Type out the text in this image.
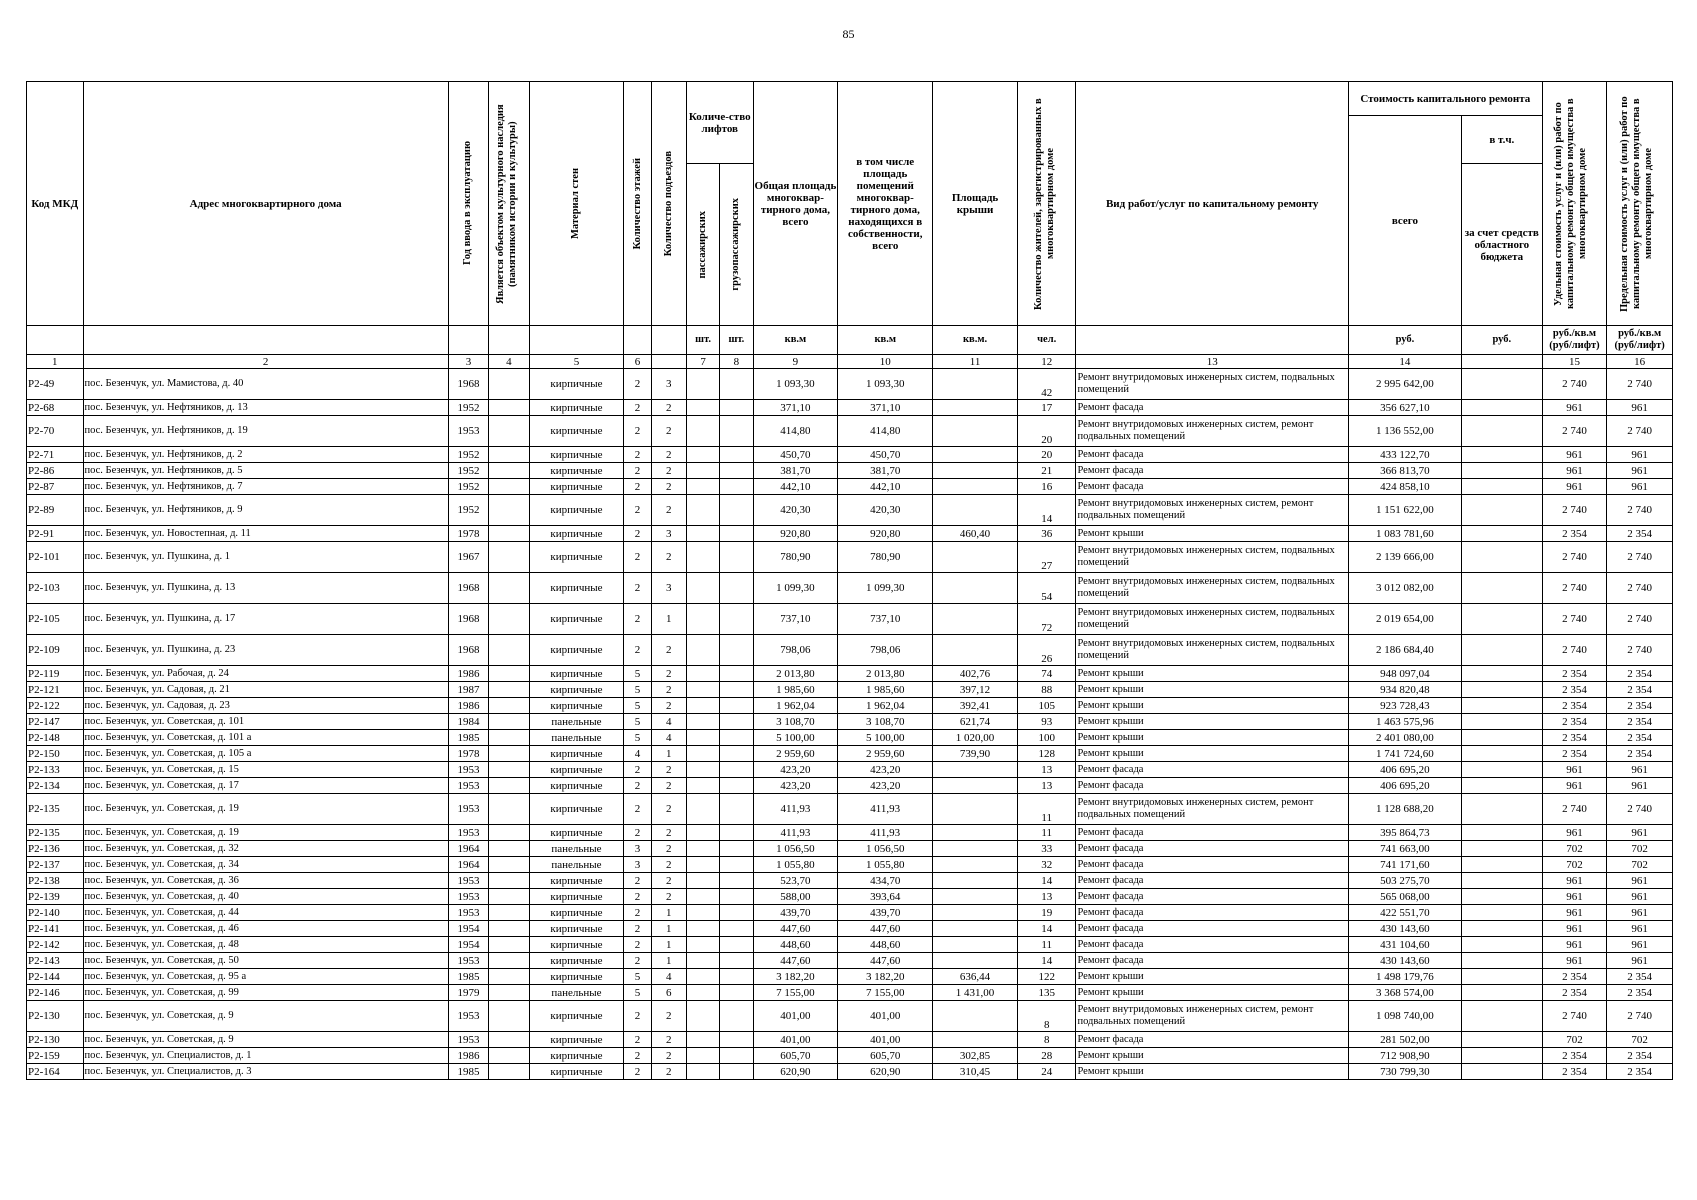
85
Код МКД	Адрес многоквартирного дома	Год ввода в эксплуатацию	Является объектом культурного наследия (памятником истории и культуры)	Материал стен	Количество этажей	Количество подъездов	Количе-ство лифтов		Общая площадь многоквар-тирного дома, всего	в том числе площадь помещений многоквар-тирного дома, находящихся в собственности, всего	Площадь крыши	Количество жителей, зарегистрированных в многоквартирном доме	Вид работ/услуг по капитальному ремонту	Стоимость капитального ремонта		Удельная стоимость услуг и (или) работ по капитальному ремонту общего имущества в многоквартирном доме	Предельная стоимость услуг и (или) работ по капитальному ремонту общего имущества в многоквартирном доме

														всего	в т.ч.		

							пассажирских	грузопассажирских							за счет средств областного бюджета		
							шт.	шт.	кв.м	кв.м	кв.м.	чел.		руб.	руб.	руб./кв.м (руб/лифт)	руб./кв.м (руб/лифт)
1	2	3	4	5	6		7	8	9	10	11	12	13	14		15	16
Р2-49	пос. Безенчук, ул. Мамистова, д. 40	1968		кирпичные	2	3			1 093,30	1 093,30		42	Ремонт внутридомовых инженерных систем, подвальных помещений	2 995 642,00		2 740	2 740
Р2-68	пос. Безенчук, ул. Нефтяников, д. 13	1952		кирпичные	2	2			371,10	371,10		17	Ремонт фасада	356 627,10		961	961
Р2-70	пос. Безенчук, ул. Нефтяников, д. 19	1953		кирпичные	2	2			414,80	414,80		20	Ремонт внутридомовых инженерных систем, ремонт подвальных помещений	1 136 552,00		2 740	2 740
Р2-71	пос. Безенчук, ул. Нефтяников, д. 2	1952		кирпичные	2	2			450,70	450,70		20	Ремонт фасада	433 122,70		961	961
Р2-86	пос. Безенчук, ул. Нефтяников, д. 5	1952		кирпичные	2	2			381,70	381,70		21	Ремонт фасада	366 813,70		961	961
Р2-87	пос. Безенчук, ул. Нефтяников, д. 7	1952		кирпичные	2	2			442,10	442,10		16	Ремонт фасада	424 858,10		961	961
Р2-89	пос. Безенчук, ул. Нефтяников, д. 9	1952		кирпичные	2	2			420,30	420,30		14	Ремонт внутридомовых инженерных систем, ремонт подвальных помещений	1 151 622,00		2 740	2 740
Р2-91	пос. Безенчук, ул. Новостепная, д. 11	1978		кирпичные	2	3			920,80	920,80	460,40	36	Ремонт крыши	1 083 781,60		2 354	2 354
Р2-101	пос. Безенчук, ул. Пушкина, д. 1	1967		кирпичные	2	2			780,90	780,90		27	Ремонт внутридомовых инженерных систем, подвальных помещений	2 139 666,00		2 740	2 740
Р2-103	пос. Безенчук, ул. Пушкина, д. 13	1968		кирпичные	2	3			1 099,30	1 099,30		54	Ремонт внутридомовых инженерных систем, подвальных помещений	3 012 082,00		2 740	2 740
Р2-105	пос. Безенчук, ул. Пушкина, д. 17	1968		кирпичные	2	1			737,10	737,10		72	Ремонт внутридомовых инженерных систем, подвальных помещений	2 019 654,00		2 740	2 740
Р2-109	пос. Безенчук, ул. Пушкина, д. 23	1968		кирпичные	2	2			798,06	798,06		26	Ремонт внутридомовых инженерных систем, подвальных помещений	2 186 684,40		2 740	2 740
Р2-119	пос. Безенчук, ул. Рабочая, д. 24	1986		кирпичные	5	2			2 013,80	2 013,80	402,76	74	Ремонт крыши	948 097,04		2 354	2 354
Р2-121	пос. Безенчук, ул. Садовая, д. 21	1987		кирпичные	5	2			1 985,60	1 985,60	397,12	88	Ремонт крыши	934 820,48		2 354	2 354
Р2-122	пос. Безенчук, ул. Садовая, д. 23	1986		кирпичные	5	2			1 962,04	1 962,04	392,41	105	Ремонт крыши	923 728,43		2 354	2 354
Р2-147	пос. Безенчук, ул. Советская, д. 101	1984		панельные	5	4			3 108,70	3 108,70	621,74	93	Ремонт крыши	1 463 575,96		2 354	2 354
Р2-148	пос. Безенчук, ул. Советская, д. 101 а	1985		панельные	5	4			5 100,00	5 100,00	1 020,00	100	Ремонт крыши	2 401 080,00		2 354	2 354
Р2-150	пос. Безенчук, ул. Советская, д. 105 а	1978		кирпичные	4	1			2 959,60	2 959,60	739,90	128	Ремонт крыши	1 741 724,60		2 354	2 354
Р2-133	пос. Безенчук, ул. Советская, д. 15	1953		кирпичные	2	2			423,20	423,20		13	Ремонт фасада	406 695,20		961	961
Р2-134	пос. Безенчук, ул. Советская, д. 17	1953		кирпичные	2	2			423,20	423,20		13	Ремонт фасада	406 695,20		961	961
Р2-135	пос. Безенчук, ул. Советская, д. 19	1953		кирпичные	2	2			411,93	411,93		11	Ремонт внутридомовых инженерных систем, ремонт подвальных помещений	1 128 688,20		2 740	2 740
Р2-135	пос. Безенчук, ул. Советская, д. 19	1953		кирпичные	2	2			411,93	411,93		11	Ремонт фасада	395 864,73		961	961
Р2-136	пос. Безенчук, ул. Советская, д. 32	1964		панельные	3	2			1 056,50	1 056,50		33	Ремонт фасада	741 663,00		702	702
Р2-137	пос. Безенчук, ул. Советская, д. 34	1964		панельные	3	2			1 055,80	1 055,80		32	Ремонт фасада	741 171,60		702	702
Р2-138	пос. Безенчук, ул. Советская, д. 36	1953		кирпичные	2	2			523,70	434,70		14	Ремонт фасада	503 275,70		961	961
Р2-139	пос. Безенчук, ул. Советская, д. 40	1953		кирпичные	2	2			588,00	393,64		13	Ремонт фасада	565 068,00		961	961
Р2-140	пос. Безенчук, ул. Советская, д. 44	1953		кирпичные	2	1			439,70	439,70		19	Ремонт фасада	422 551,70		961	961
Р2-141	пос. Безенчук, ул. Советская, д. 46	1954		кирпичные	2	1			447,60	447,60		14	Ремонт фасада	430 143,60		961	961
Р2-142	пос. Безенчук, ул. Советская, д. 48	1954		кирпичные	2	1			448,60	448,60		11	Ремонт фасада	431 104,60		961	961
Р2-143	пос. Безенчук, ул. Советская, д. 50	1953		кирпичные	2	1			447,60	447,60		14	Ремонт фасада	430 143,60		961	961
Р2-144	пос. Безенчук, ул. Советская, д. 95 а	1985		кирпичные	5	4			3 182,20	3 182,20	636,44	122	Ремонт крыши	1 498 179,76		2 354	2 354
Р2-146	пос. Безенчук, ул. Советская, д. 99	1979		панельные	5	6			7 155,00	7 155,00	1 431,00	135	Ремонт крыши	3 368 574,00		2 354	2 354
Р2-130	пос. Безенчук, ул. Советская, д. 9	1953		кирпичные	2	2			401,00	401,00		8	Ремонт внутридомовых инженерных систем, ремонт подвальных помещений	1 098 740,00		2 740	2 740
Р2-130	пос. Безенчук, ул. Советская, д. 9	1953		кирпичные	2	2			401,00	401,00		8	Ремонт фасада	281 502,00		702	702
Р2-159	пос. Безенчук, ул. Специалистов, д. 1	1986		кирпичные	2	2			605,70	605,70	302,85	28	Ремонт крыши	712 908,90		2 354	2 354
Р2-164	пос. Безенчук, ул. Специалистов, д. 3	1985		кирпичные	2	2			620,90	620,90	310,45	24	Ремонт крыши	730 799,30		2 354	2 354
